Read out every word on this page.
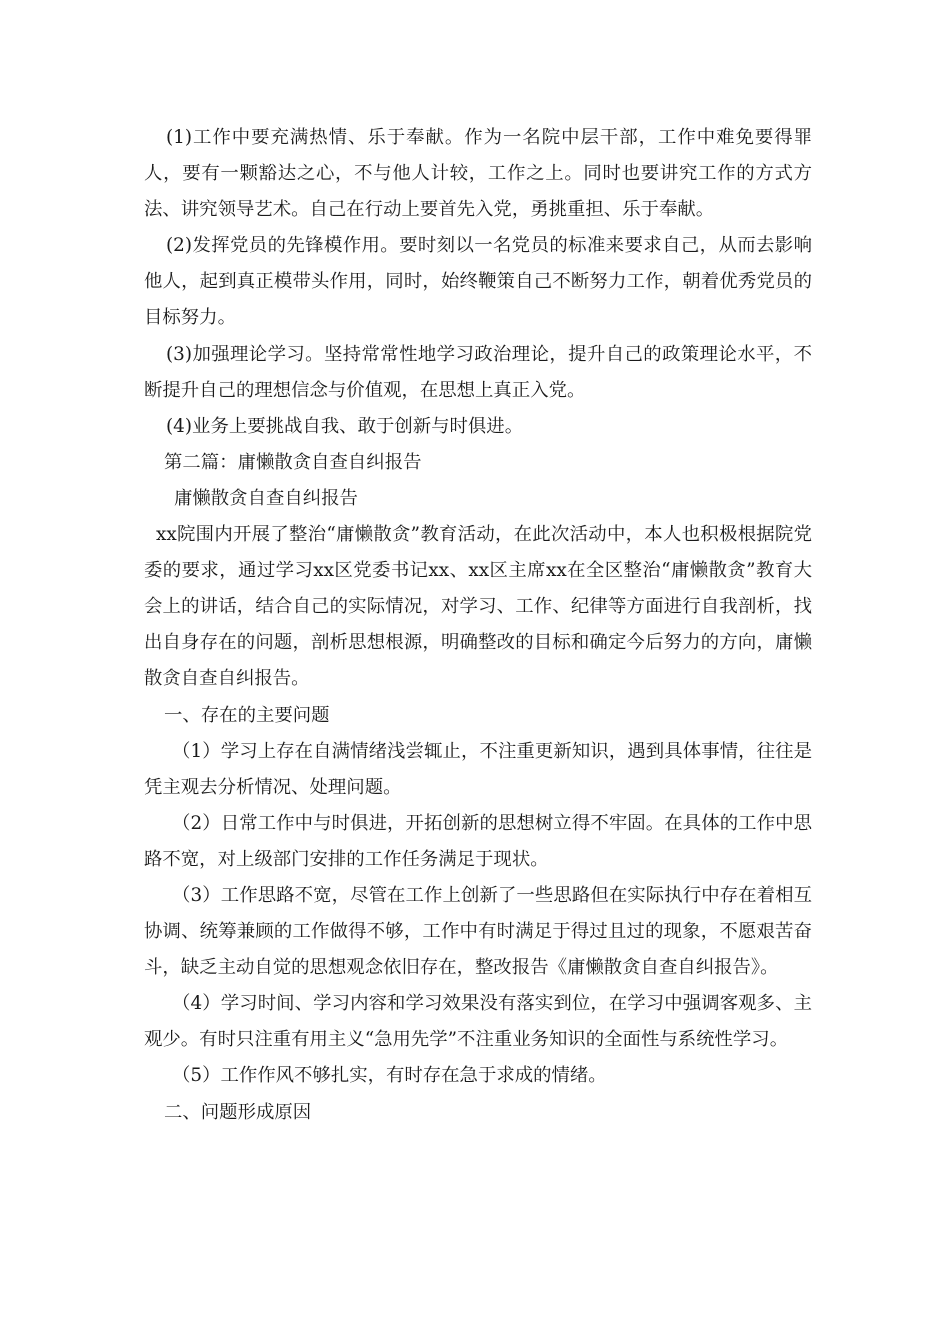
(1)工作中要充满热情、乐于奉献。作为一名院中层干部，工作中难免要得罪人，要有一颗豁达之心，不与他人计较，工作之上。同时也要讲究工作的方式方法、讲究领导艺术。自己在行动上要首先入党，勇挑重担、乐于奉献。

(2)发挥党员的先锋模作用。要时刻以一名党员的标准来要求自己，从而去影响他人，起到真正模带头作用，同时，始终鞭策自己不断努力工作，朝着优秀党员的目标努力。

(3)加强理论学习。坚持常常性地学习政治理论，提升自己的政策理论水平，不断提升自己的理想信念与价值观，在思想上真正入党。

(4)业务上要挑战自我、敢于创新与时俱进。

第二篇：庸懒散贪自查自纠报告

庸懒散贪自查自纠报告

xx院围内开展了整治“庸懒散贪”教育活动，在此次活动中，本人也积极根据院党委的要求，通过学习xx区党委书记xx、xx区主席xx在全区整治“庸懒散贪”教育大会上的讲话，结合自己的实际情况，对学习、工作、纪律等方面进行自我剖析，找出自身存在的问题，剖析思想根源，明确整改的目标和确定今后努力的方向，庸懒散贪自查自纠报告。

一、存在的主要问题

（1）学习上存在自满情绪浅尝辄止，不注重更新知识，遇到具体事情，往往是凭主观去分析情况、处理问题。

（2）日常工作中与时俱进，开拓创新的思想树立得不牢固。在具体的工作中思路不宽，对上级部门安排的工作任务满足于现状。

（3）工作思路不宽，尽管在工作上创新了一些思路但在实际执行中存在着相互协调、统筹兼顾的工作做得不够，工作中有时满足于得过且过的现象，不愿艰苦奋斗，缺乏主动自觉的思想观念依旧存在，整改报告《庸懒散贪自查自纠报告》。

（4）学习时间、学习内容和学习效果没有落实到位，在学习中强调客观多、主观少。有时只注重有用主义“急用先学”不注重业务知识的全面性与系统性学习。

（5）工作作风不够扎实，有时存在急于求成的情绪。

二、问题形成原因
